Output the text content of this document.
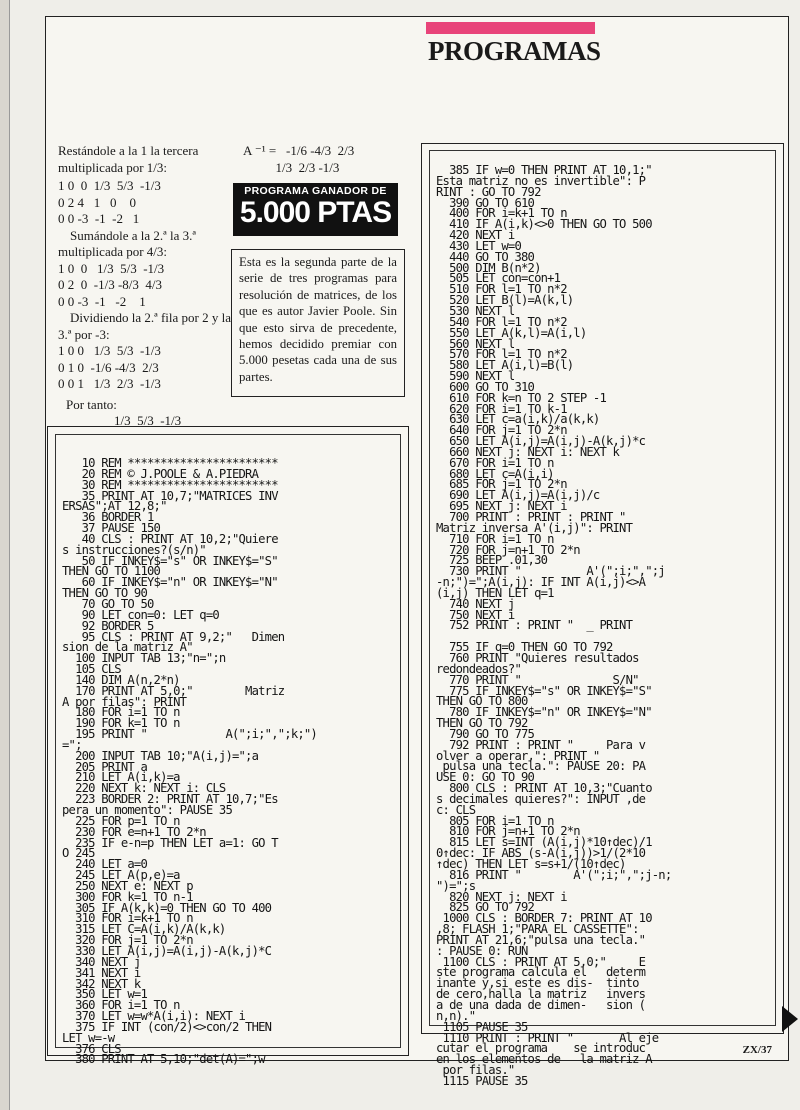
PROGRAMAS

Restándole a la 1 la tercera multiplicada por 1/3:

1 0  0  1/3  5/3  -1/3
0 2 4   1   0    0
0 0 -3  -1  -2   1

Sumándole a la 2.ª la 3.ª multiplicada por 4/3:

1 0  0   1/3  5/3  -1/3
0 2  0  -1/3 -8/3  4/3
0 0 -3  -1   -2    1

Dividiendo la 2.ª fila por 2 y la 3.ª por -3:

1 0 0   1/3  5/3  -1/3
0 1 0  -1/6 -4/3  2/3
0 0 1   1/3  2/3  -1/3

Por tanto:

1/3  5/3  -1/3
A ⁻¹ =   -1/6 -4/3  2/3
1/3  2/3 -1/3
PROGRAMA GANADOR DE
5.000 PTAS
Esta es la segunda parte de la serie de tres programas para resolución de matrices, de los que es autor Javier Poole. Sin que esto sirva de precedente, hemos decidido premiar con 5.000 pesetas cada una de sus partes.
10 REM ***********************
20 REM © J.POOLE & A.PIEDRA
30 REM ***********************
35 PRINT AT 10,7;"MATRICES INV
ERSAS";AT 12,8;"
36 BORDER 1
37 PAUSE 150
40 CLS : PRINT AT 10,2;"Quiere
s instrucciones?(s/n)"
50 IF INKEY$="s" OR INKEY$="S"
THEN GO TO 1100
60 IF INKEY$="n" OR INKEY$="N"
THEN GO TO 90
70 GO TO 50
90 LET con=0: LET q=0
92 BORDER 5
95 CLS : PRINT AT 9,2;"   Dimen
sion de la matriz A"
100 INPUT TAB 13;"n=";n
105 CLS
140 DIM A(n,2*n)
170 PRINT AT 5,0;"        Matriz
A por filas": PRINT
180 FOR i=1 TO n
190 FOR k=1 TO n
195 PRINT "            A(";i;",";k;")
=";
200 INPUT TAB 10;"A(i,j)=";a
205 PRINT a
210 LET A(i,k)=a
220 NEXT k: NEXT i: CLS
223 BORDER 2: PRINT AT 10,7;"Es
pera un momento": PAUSE 35
225 FOR p=1 TO n
230 FOR e=n+1 TO 2*n
235 IF e-n=p THEN LET a=1: GO T
O 245
240 LET a=0
245 LET A(p,e)=a
250 NEXT e: NEXT p
300 FOR k=1 TO n-1
305 IF A(k,k)=0 THEN GO TO 400
310 FOR i=k+1 TO n
315 LET C=A(i,k)/A(k,k)
320 FOR j=1 TO 2*n
330 LET A(i,j)=A(i,j)-A(k,j)*C
340 NEXT j
341 NEXT i
342 NEXT k
350 LET w=1
360 FOR i=1 TO n
370 LET w=w*A(i,i): NEXT i
375 IF INT (con/2)<>con/2 THEN
LET w=-w
376 CLS
380 PRINT AT 5,10;"det(A)=";w
385 IF w=0 THEN PRINT AT 10,1;"
Esta matriz no es invertible": P
RINT : GO TO 792
390 GO TO 610
400 FOR i=k+1 TO n
410 IF A(i,k)<>0 THEN GO TO 500
420 NEXT i
430 LET w=0
440 GO TO 380
500 DIM B(n*2)
505 LET con=con+1
510 FOR l=1 TO n*2
520 LET B(l)=A(k,l)
530 NEXT l
540 FOR l=1 TO n*2
550 LET A(k,l)=A(i,l)
560 NEXT l
570 FOR l=1 TO n*2
580 LET A(i,l)=B(l)
590 NEXT l
600 GO TO 310
610 FOR k=n TO 2 STEP -1
620 FOR i=1 TO k-1
630 LET c=a(i,k)/a(k,k)
640 FOR j=1 TO 2*n
650 LET A(i,j)=A(i,j)-A(k,j)*c
660 NEXT j: NEXT i: NEXT k
670 FOR i=1 TO n
680 LET c=A(i,i)
685 FOR j=1 TO 2*n
690 LET A(i,j)=A(i,j)/c
695 NEXT j: NEXT i
700 PRINT : PRINT : PRINT "
Matriz inversa A'(i,j)": PRINT
710 FOR i=1 TO n
720 FOR j=n+1 TO 2*n
725 BEEP .01,30
730 PRINT "          A'(";i;",";j
-n;")=";A(i,j): IF INT A(i,j)<>A
(i,j) THEN LET q=1
740 NEXT j
750 NEXT i
752 PRINT : PRINT "  _ PRINT

755 IF q=0 THEN GO TO 792
760 PRINT "Quieres resultados
redondeados?"
770 PRINT "              S/N"
775 IF INKEY$="s" OR INKEY$="S"
THEN GO TO 800
780 IF INKEY$="n" OR INKEY$="N"
THEN GO TO 792
790 GO TO 775
792 PRINT : PRINT "     Para v
olver a operar,": PRINT "
pulsa una tecla.": PAUSE 20: PA
USE 0: GO TO 90
800 CLS : PRINT AT 10,3;"Cuanto
s decimales quieres?": INPUT ,de
c: CLS
805 FOR i=1 TO n
810 FOR j=n+1 TO 2*n
815 LET s=INT (A(i,j)*10↑dec)/1
0↑dec: IF ABS (s-A(i,j))>1/(2*10
↑dec) THEN LET s=s+1/(10↑dec)
816 PRINT "        A'(";i;",";j-n;
")=";s
820 NEXT j: NEXT i
825 GO TO 792
1000 CLS : BORDER 7: PRINT AT 10
,8; FLASH 1;"PARA EL CASSETTE":
PRINT AT 21,6;"pulsa una tecla."
: PAUSE 0: RUN
1100 CLS : PRINT AT 5,0;"     E
ste programa calcula el   determ
inante y,si este es dis-  tinto
de cero,halla la matriz   invers
a de una dada de dimen-   sion (
n,n)."
1105 PAUSE 35
1110 PRINT : PRINT "       Al eje
cutar el programa    se introduc
en los elementos de   la matriz A
por filas."
1115 PAUSE 35
ZX/37
